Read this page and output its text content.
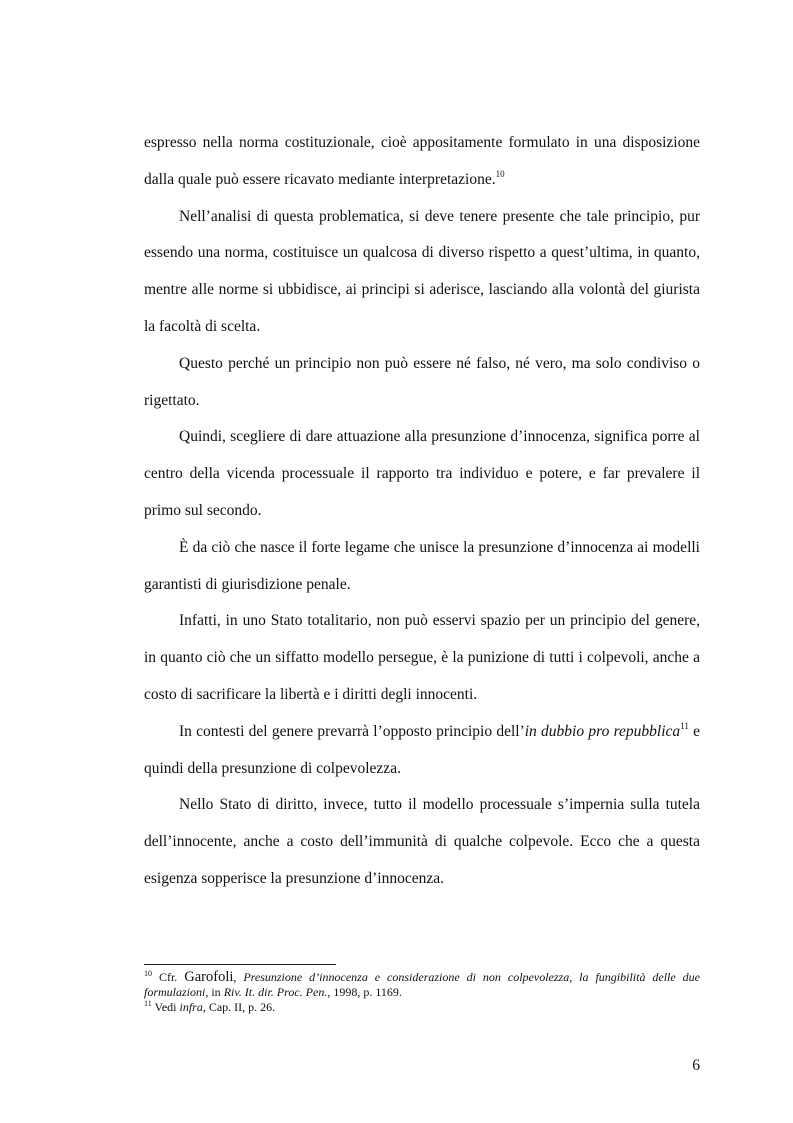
espresso nella norma costituzionale, cioè appositamente formulato in una disposizione dalla quale può essere ricavato mediante interpretazione.$^{10}$

Nell’analisi di questa problematica, si deve tenere presente che tale principio, pur essendo una norma, costituisce un qualcosa di diverso rispetto a quest’ultima, in quanto, mentre alle norme si ubbidisce, ai principi si aderisce, lasciando alla volontà del giurista la facoltà di scelta.

Questo perché un principio non può essere né falso, né vero, ma solo condiviso o rigettato.

Quindi, scegliere di dare attuazione alla presunzione d’innocenza, significa porre al centro della vicenda processuale il rapporto tra individuo e potere, e far prevalere il primo sul secondo.

È da ciò che nasce il forte legame che unisce la presunzione d’innocenza ai modelli garantisti di giurisdizione penale.

Infatti, in uno Stato totalitario, non può esservi spazio per un principio del genere, in quanto ciò che un siffatto modello persegue, è la punizione di tutti i colpevoli, anche a costo di sacrificare la libertà e i diritti degli innocenti.

In contesti del genere prevarrà l’opposto principio dell’in dubbio pro repubblica$^{11}$ e quindi della presunzione di colpevolezza.

Nello Stato di diritto, invece, tutto il modello processuale s’impernia sulla tutela dell’innocente, anche a costo dell’immunità di qualche colpevole. Ecco che a questa esigenza sopperisce la presunzione d’innocenza.

$^{10}$ Cfr. Garofoli, Presunzione d’innocenza e considerazione di non colpevolezza, la fungibilità delle due formulazioni, in Riv. It. dir. Proc. Pen., 1998, p. 1169.

$^{11}$ Vedi infra, Cap. II, p. 26.

6
